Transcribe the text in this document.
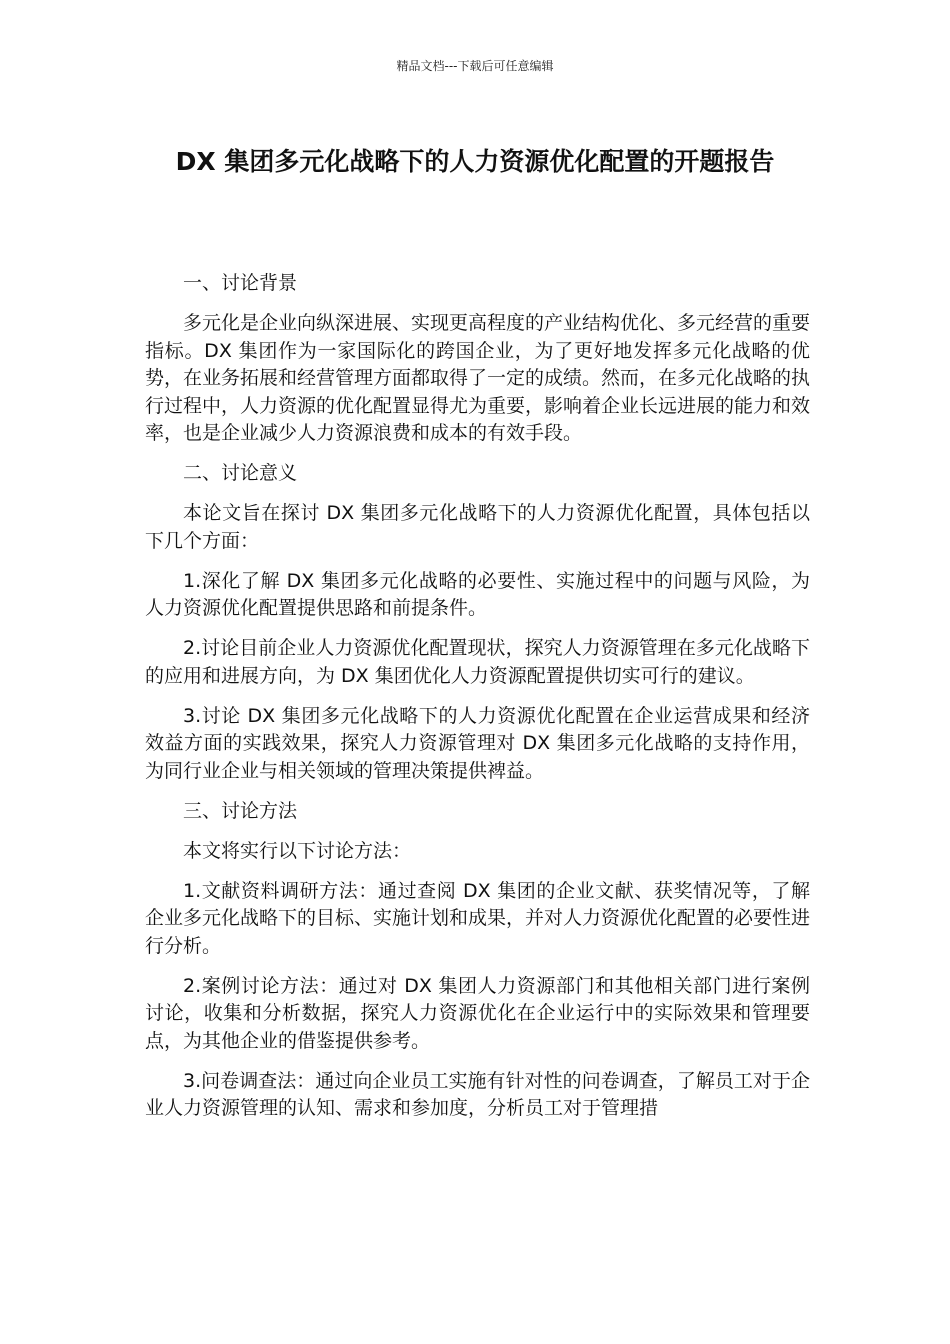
精品文档---下载后可任意编辑
DX 集团多元化战略下的人力资源优化配置的开题报告

一、讨论背景

多元化是企业向纵深进展、实现更高程度的产业结构优化、多元经营的重要指标。DX 集团作为一家国际化的跨国企业，为了更好地发挥多元化战略的优势，在业务拓展和经营管理方面都取得了一定的成绩。然而，在多元化战略的执行过程中，人力资源的优化配置显得尤为重要，影响着企业长远进展的能力和效率，也是企业减少人力资源浪费和成本的有效手段。

二、讨论意义

本论文旨在探讨 DX 集团多元化战略下的人力资源优化配置，具体包括以下几个方面：

1.深化了解 DX 集团多元化战略的必要性、实施过程中的问题与风险，为人力资源优化配置提供思路和前提条件。

2.讨论目前企业人力资源优化配置现状，探究人力资源管理在多元化战略下的应用和进展方向，为 DX 集团优化人力资源配置提供切实可行的建议。

3.讨论 DX 集团多元化战略下的人力资源优化配置在企业运营成果和经济效益方面的实践效果，探究人力资源管理对 DX 集团多元化战略的支持作用，为同行业企业与相关领域的管理决策提供裨益。

三、讨论方法

本文将实行以下讨论方法：

1.文献资料调研方法：通过查阅 DX 集团的企业文献、获奖情况等，了解企业多元化战略下的目标、实施计划和成果，并对人力资源优化配置的必要性进行分析。

2.案例讨论方法：通过对 DX 集团人力资源部门和其他相关部门进行案例讨论，收集和分析数据，探究人力资源优化在企业运行中的实际效果和管理要点，为其他企业的借鉴提供参考。

3.问卷调查法：通过向企业员工实施有针对性的问卷调查，了解员工对于企业人力资源管理的认知、需求和参加度，分析员工对于管理措
